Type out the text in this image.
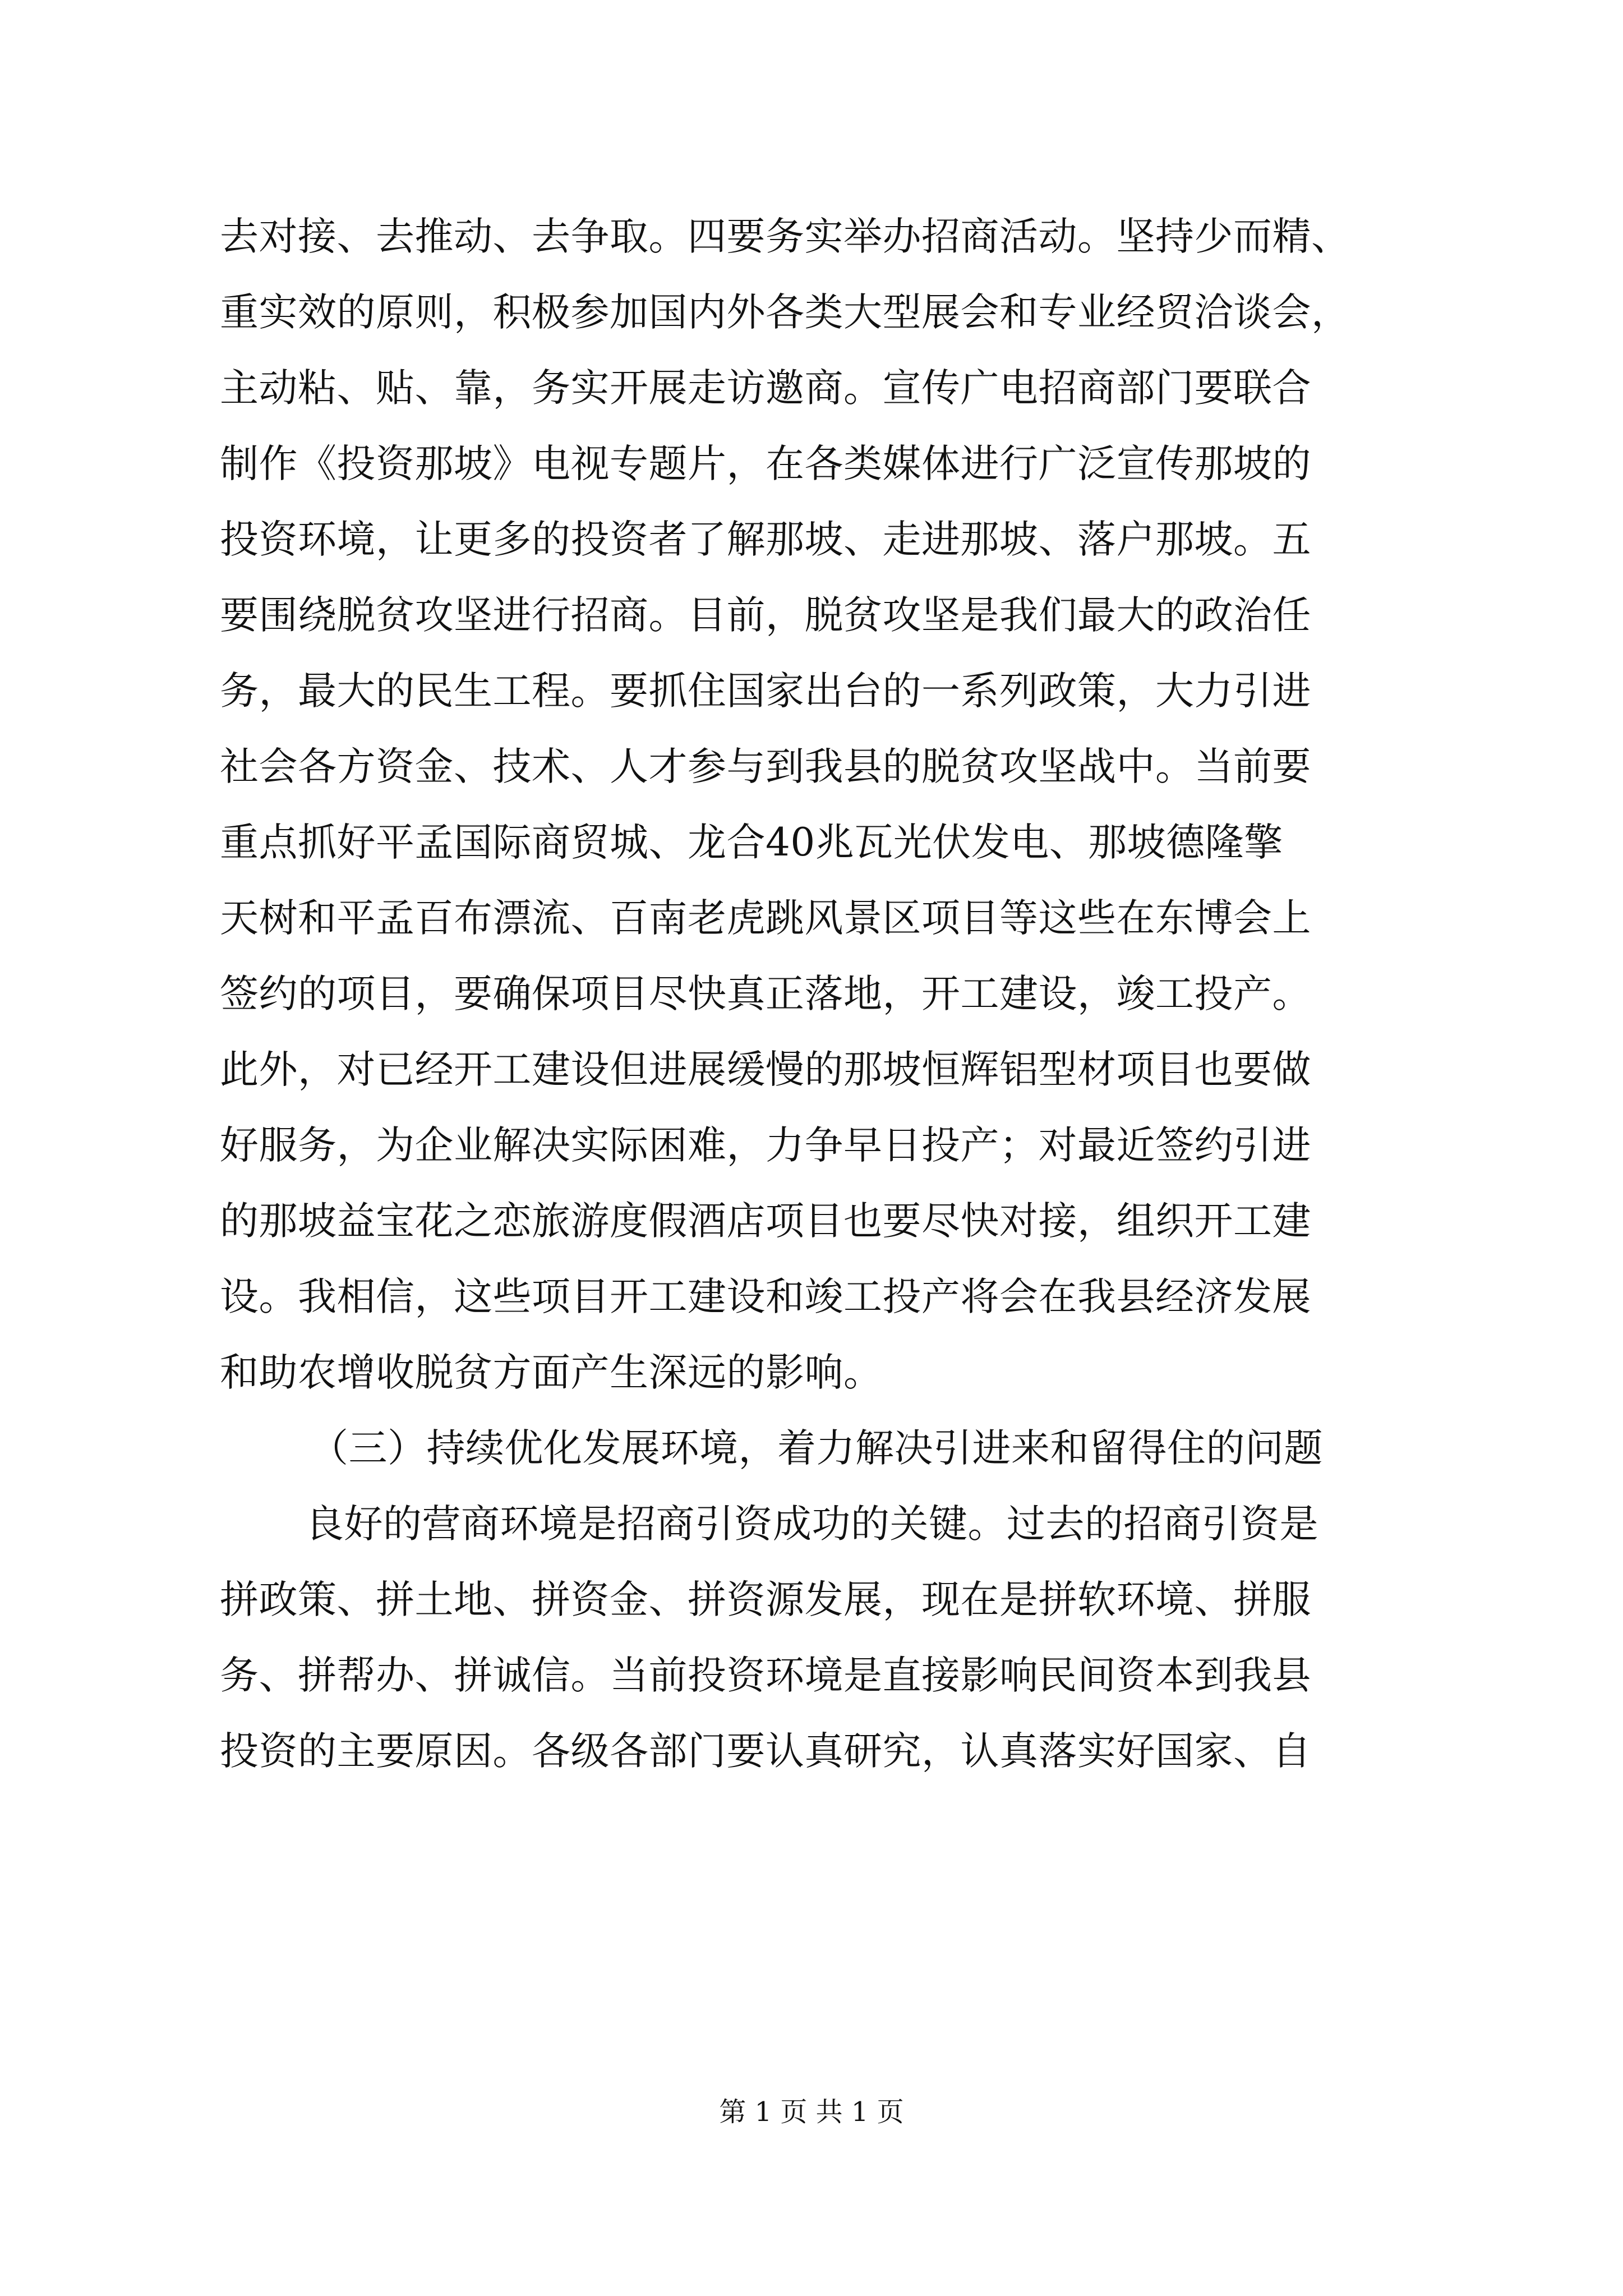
去对接、去推动、去争取。四要务实举办招商活动。坚持少而精、
重实效的原则，积极参加国内外各类大型展会和专业经贸洽谈会，
主动粘、贴、靠，务实开展走访邀商。宣传广电招商部门要联合
制作《投资那坡》电视专题片，在各类媒体进行广泛宣传那坡的
投资环境，让更多的投资者了解那坡、走进那坡、落户那坡。五
要围绕脱贫攻坚进行招商。目前，脱贫攻坚是我们最大的政治任
务，最大的民生工程。要抓住国家出台的一系列政策，大力引进
社会各方资金、技术、人才参与到我县的脱贫攻坚战中。当前要
重点抓好平孟国际商贸城、龙合40兆瓦光伏发电、那坡德隆擎
天树和平孟百布漂流、百南老虎跳风景区项目等这些在东博会上
签约的项目，要确保项目尽快真正落地，开工建设，竣工投产。
此外，对已经开工建设但进展缓慢的那坡恒辉铝型材项目也要做
好服务，为企业解决实际困难，力争早日投产；对最近签约引进
的那坡益宝花之恋旅游度假酒店项目也要尽快对接，组织开工建
设。我相信，这些项目开工建设和竣工投产将会在我县经济发展
和助农增收脱贫方面产生深远的影响。
（三）持续优化发展环境，着力解决引进来和留得住的问题
良好的营商环境是招商引资成功的关键。过去的招商引资是
拼政策、拼土地、拼资金、拼资源发展，现在是拼软环境、拼服
务、拼帮办、拼诚信。当前投资环境是直接影响民间资本到我县
投资的主要原因。各级各部门要认真研究，认真落实好国家、自
第 1 页 共 1 页
